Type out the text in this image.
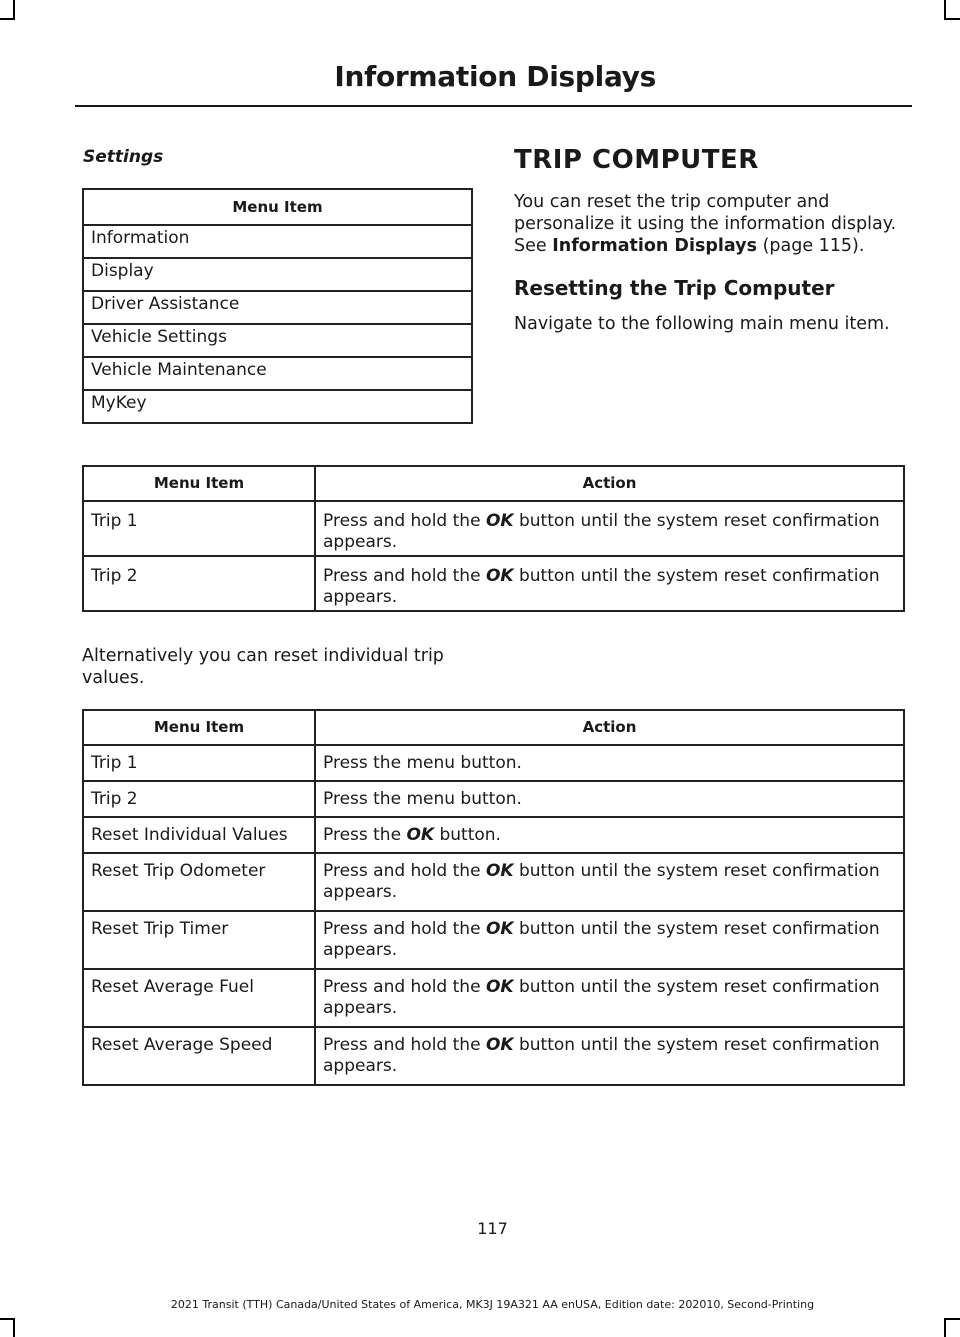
Information Displays
Settings
Menu Item
Information
Display
Driver Assistance
Vehicle Settings
Vehicle Maintenance
MyKey
TRIP COMPUTER

You can reset the trip computer and personalize it using the information display. See Information Displays (page 115).

Resetting the Trip Computer

Navigate to the following main menu item.

Menu Item	Action
Trip 1	Press and hold the OK button until the system reset confirmation appears.
Trip 2	Press and hold the OK button until the system reset confirmation appears.

Alternatively you can reset individual trip values.

Menu Item	Action
Trip 1	Press the menu button.
Trip 2	Press the menu button.
Reset Individual Values	Press the OK button.
Reset Trip Odometer	Press and hold the OK button until the system reset confirmation appears.
Reset Trip Timer	Press and hold the OK button until the system reset confirmation appears.
Reset Average Fuel	Press and hold the OK button until the system reset confirmation appears.
Reset Average Speed	Press and hold the OK button until the system reset confirmation appears.
117
2021 Transit (TTH) Canada/United States of America, MK3J 19A321 AA enUSA, Edition date: 202010, Second-Printing
